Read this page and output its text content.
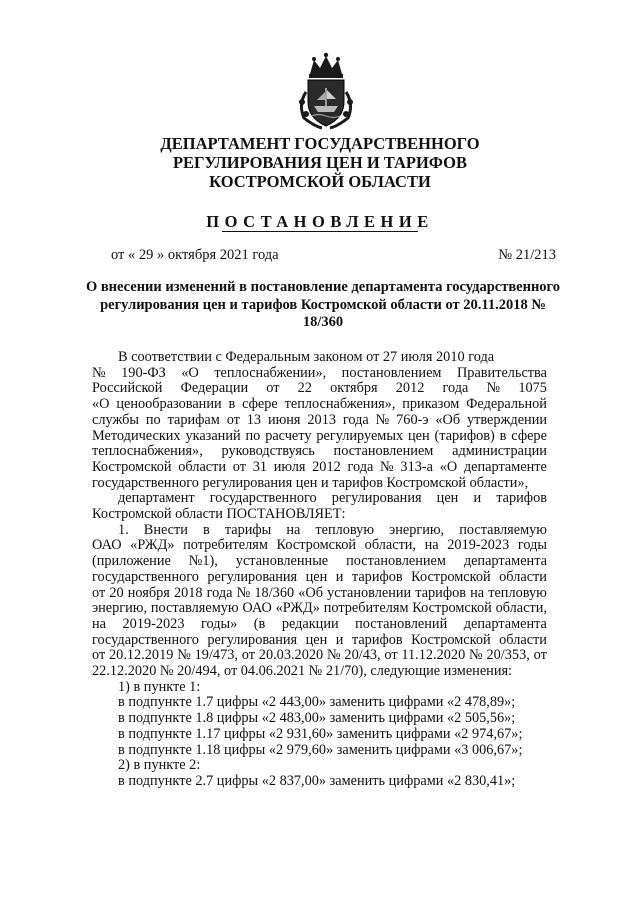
ДЕПАРТАМЕНТ ГОСУДАРСТВЕННОГО
РЕГУЛИРОВАНИЯ ЦЕН И ТАРИФОВ
КОСТРОМСКОЙ ОБЛАСТИ
ПОСТАНОВЛЕНИЕ
от « 29 » октября 2021 года	№ 21/213
О внесении изменений в постановление департамента государственного
регулирования цен и тарифов Костромской области от 20.11.2018 № 18/360
В соответствии с Федеральным законом от 27 июля 2010 года
№ 190-ФЗ «О теплоснабжении», постановлением Правительства
Российской Федерации от 22 октября 2012 года № 1075
«О ценообразовании в сфере теплоснабжения», приказом Федеральной
службы по тарифам от 13 июня 2013 года № 760-э «Об утверждении
Методических указаний по расчету регулируемых цен (тарифов) в сфере
теплоснабжения», руководствуясь постановлением администрации
Костромской области от 31 июля 2012 года № 313-а «О департаменте
государственного регулирования цен и тарифов Костромской области»,
департамент государственного регулирования цен и тарифов
Костромской области ПОСТАНОВЛЯЕТ:
1. Внести в тарифы на тепловую энергию, поставляемую
ОАО «РЖД» потребителям Костромской области, на 2019-2023 годы
(приложение №1), установленные постановлением департамента
государственного регулирования цен и тарифов Костромской области
от 20 ноября 2018 года № 18/360 «Об установлении тарифов на тепловую
энергию, поставляемую ОАО «РЖД» потребителям Костромской области,
на 2019-2023 годы» (в редакции постановлений департамента
государственного регулирования цен и тарифов Костромской области
от 20.12.2019 № 19/473, от 20.03.2020 № 20/43, от 11.12.2020 № 20/353, от
22.12.2020 № 20/494, от 04.06.2021 № 21/70), следующие изменения:
1) в пункте 1:
в подпункте 1.7 цифры «2 443,00» заменить цифрами «2 478,89»;
в подпункте 1.8 цифры «2 483,00» заменить цифрами «2 505,56»;
в подпункте 1.17 цифры «2 931,60» заменить цифрами «2 974,67»;
в подпункте 1.18 цифры «2 979,60» заменить цифрами «3 006,67»;
2) в пункте 2:
в подпункте 2.7 цифры «2 837,00» заменить цифрами «2 830,41»;
